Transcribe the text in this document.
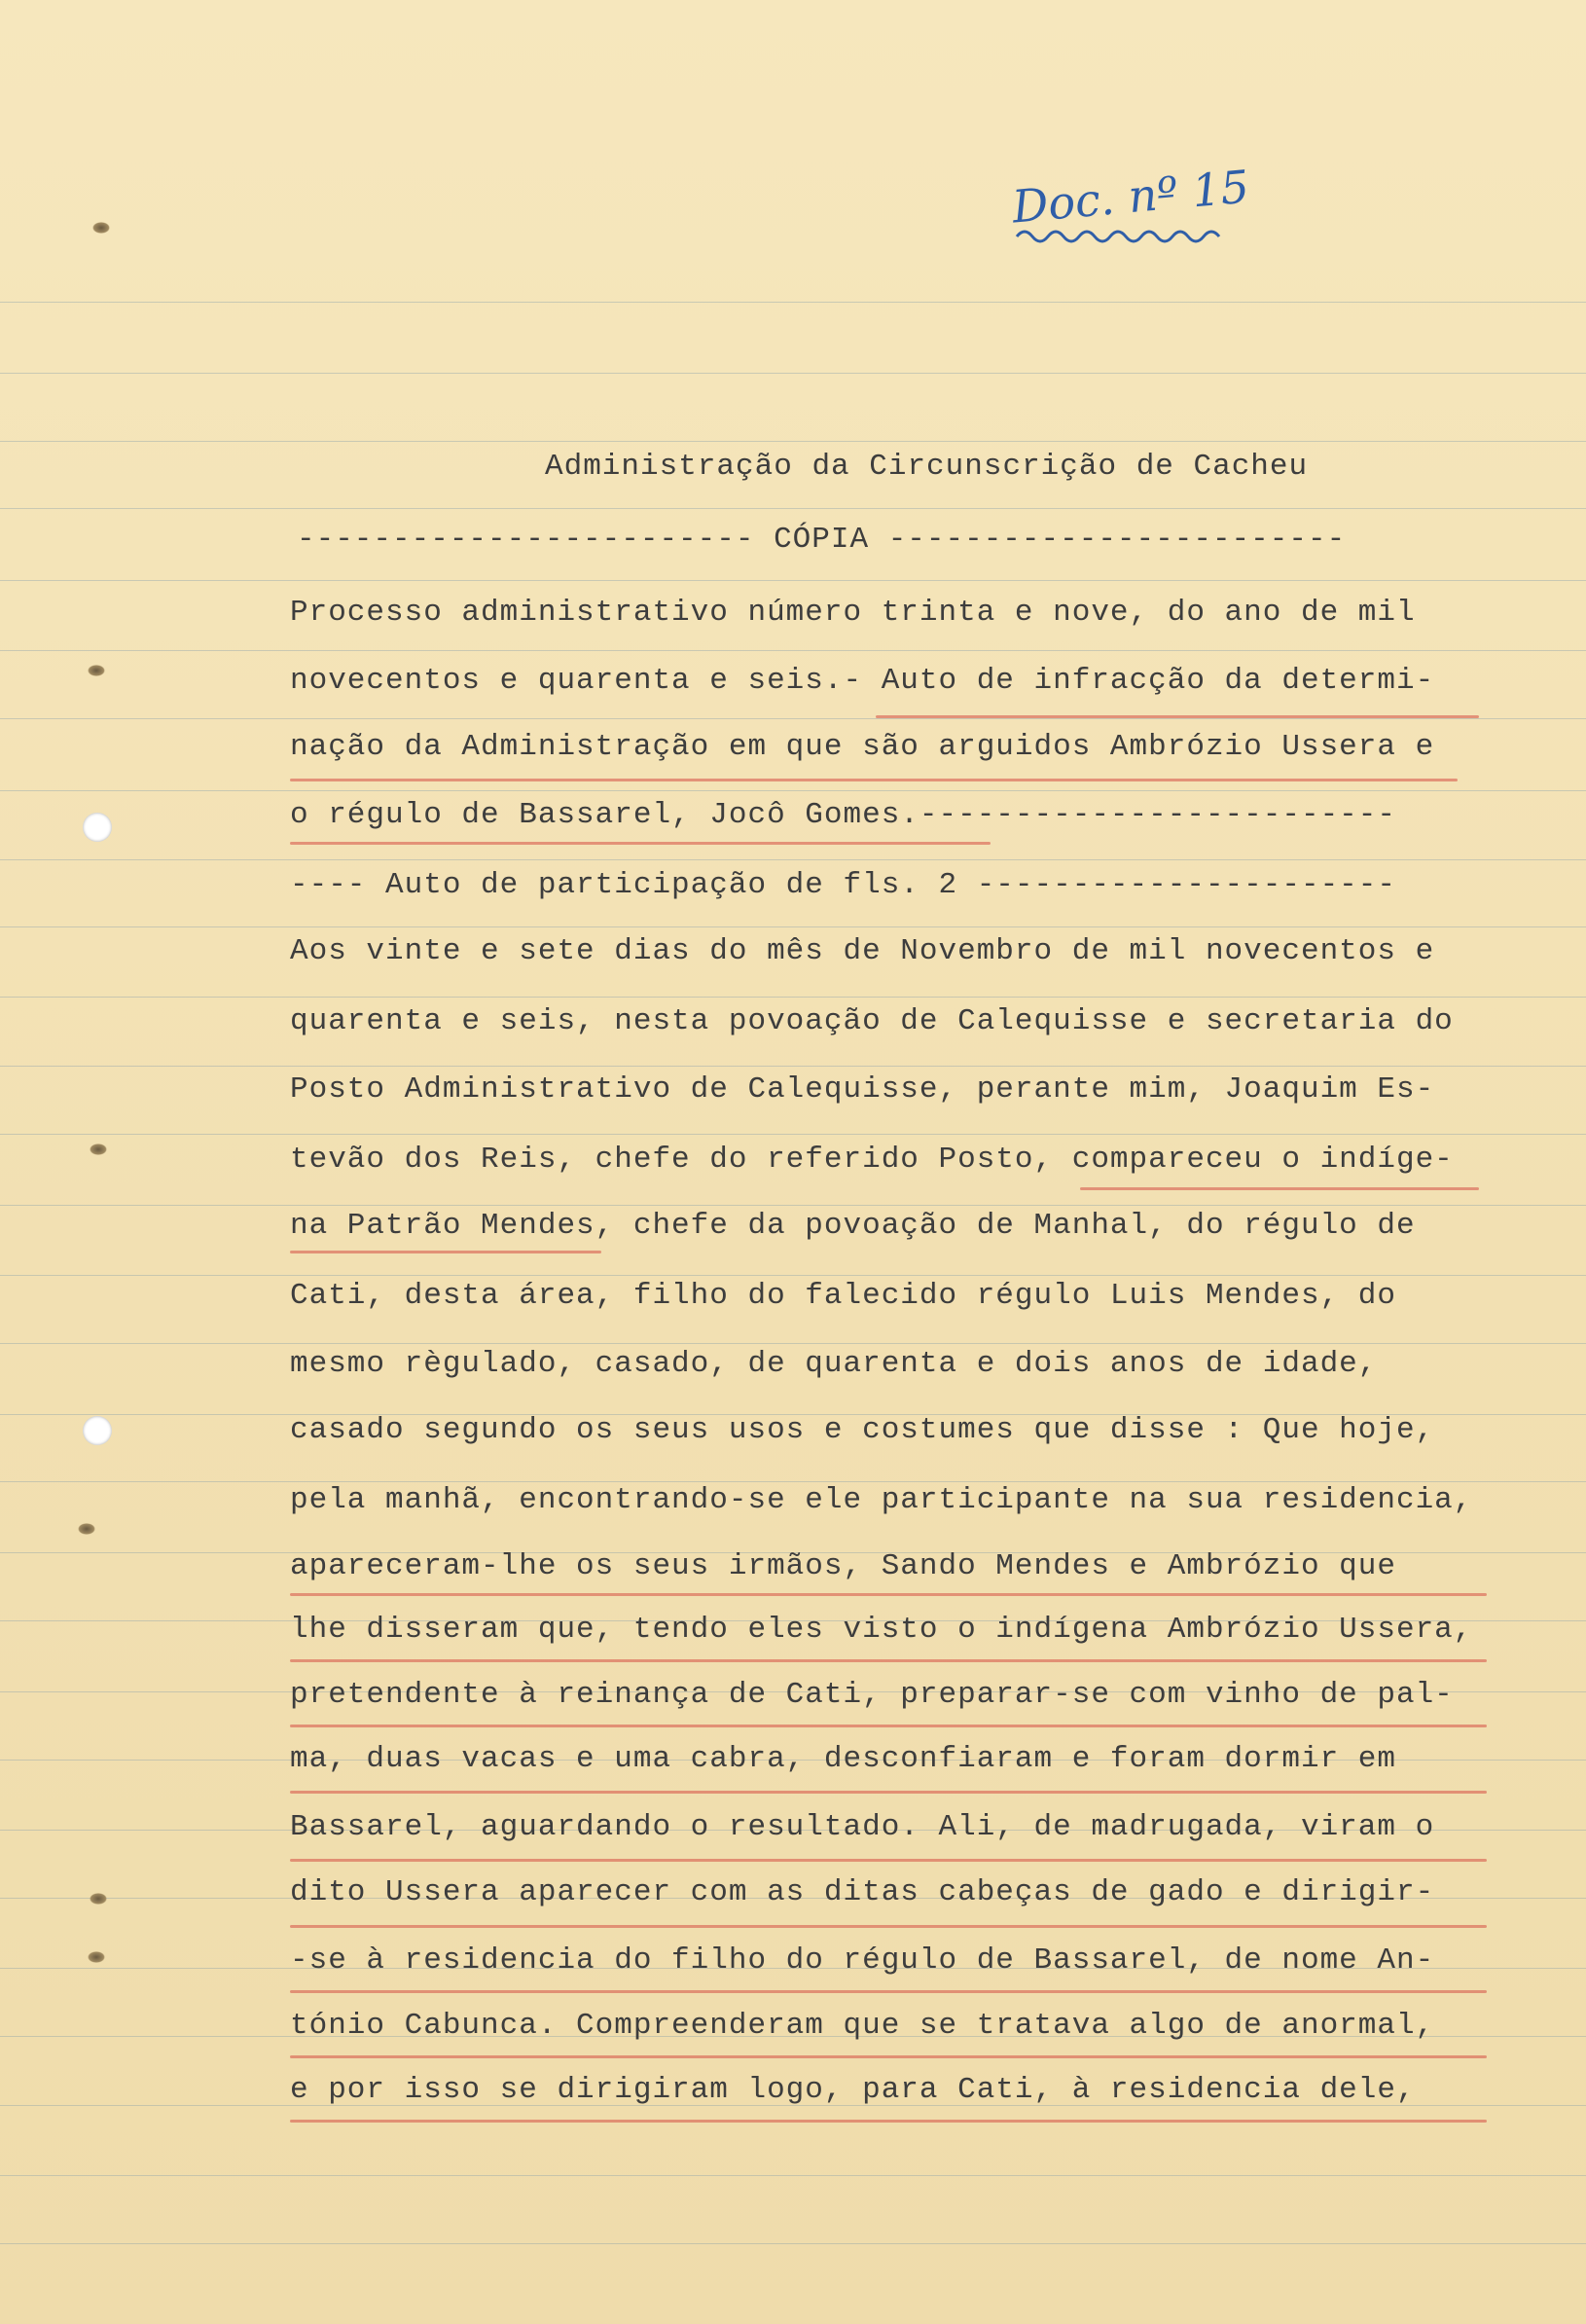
Doc. nº 15
Administração da Circunscrição de Cacheu
------------------------ CÓPIA ------------------------
Processo administrativo número trinta e nove, do ano de mil
novecentos e quarenta e seis.- Auto de infracção da determi-
nação da Administração em que são arguidos Ambrózio Ussera e
o régulo de Bassarel, Jocô Gomes.-------------------------
---- Auto de participação de fls. 2 ----------------------
Aos vinte e sete dias do mês de Novembro de mil novecentos e
quarenta e seis, nesta povoação de Calequisse e secretaria do
Posto Administrativo de Calequisse, perante mim, Joaquim Es-
tevão dos Reis, chefe do referido Posto, compareceu o indíge-
na Patrão Mendes, chefe da povoação de Manhal, do régulo de
Cati, desta área, filho do falecido régulo Luis Mendes, do
mesmo règulado, casado, de quarenta e dois anos de idade,
casado segundo os seus usos e costumes que disse : Que hoje,
pela manhã, encontrando-se ele participante na sua residencia,
apareceram-lhe os seus irmãos, Sando Mendes e Ambrózio que
lhe disseram que, tendo eles visto o indígena Ambrózio Ussera,
pretendente à reinança de Cati, preparar-se com vinho de pal-
ma, duas vacas e uma cabra, desconfiaram e foram dormir em
Bassarel, aguardando o resultado. Ali, de madrugada, viram o
dito Ussera aparecer com as ditas cabeças de gado e dirigir-
-se à residencia do filho do régulo de Bassarel, de nome An-
tónio Cabunca. Compreenderam que se tratava algo de anormal,
e por isso se dirigiram logo, para Cati, à residencia dele,
